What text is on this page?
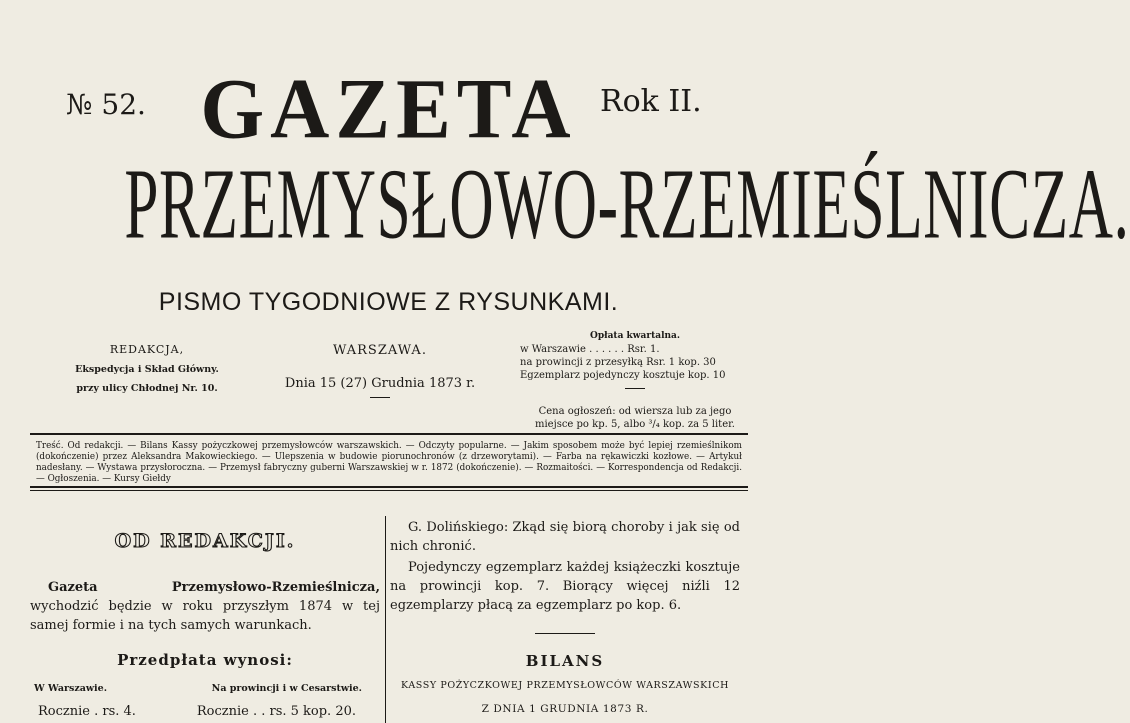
№ 52.	Rok II.
GAZETA
PRZEMYSŁOWO-RZEMIEŚLNICZA.
PISMO TYGODNIOWE Z RYSUNKAMI.
REDAKCJA,
Ekspedycja i Skład Główny.
przy ulicy Chłodnej Nr. 10.
WARSZAWA.
Dnia 15 (27) Grudnia 1873 r.
Opłata kwartalna.
w Warszawie . . . . . . Rsr. 1.
na prowincji z przesyłką Rsr. 1 kop. 30
Egzemplarz pojedynczy kosztuje kop. 10
Cena ogłoszeń: od wiersza lub za jego miejsce po kp. 5, albo ³/₄ kop. za 5 liter.
Treść. Od redakcji. — Bilans Kassy pożyczkowej przemysłowców warszawskich. — Odczyty popularne. — Jakim sposobem może być lepiej rzemieślnikom (dokończenie) przez Aleksandra Makowieckiego. — Ulepszenia w budowie piorunochronów (z drzeworytami). — Farba na rękawiczki kozłowe. — Artykuł nadesłany. — Wystawa przysłoroczna. — Przemysł fabryczny guberni Warszawskiej w r. 1872 (dokończenie). — Rozmaitości. — Korrespondencja od Redakcji. — Ogłoszenia. — Kursy Giełdy
OD REDAKCJI.

Gazeta Przemysłowo-Rzemieślnicza, wychodzić będzie w roku przyszłym 1874 w tej samej formie i na tych samych warunkach.

Przedpłata wynosi:
W Warszawie.	Na prowincji i w Cesarstwie.
Rocznie . rs. 4.	Rocznie . . rs. 5 kop. 20.

G. Dolińskiego: Zkąd się biorą choroby i jak się od nich chronić.

Pojedynczy egzemplarz każdej książeczki kosztuje na prowincji kop. 7. Biorący więcej niźli 12 egzemplarzy płacą za egzemplarz po kop. 6.

BILANS
KASSY POŻYCZKOWEJ PRZEMYSŁOWCÓW WARSZAWSKICH
Z DNIA 1 GRUDNIA 1873 R.
